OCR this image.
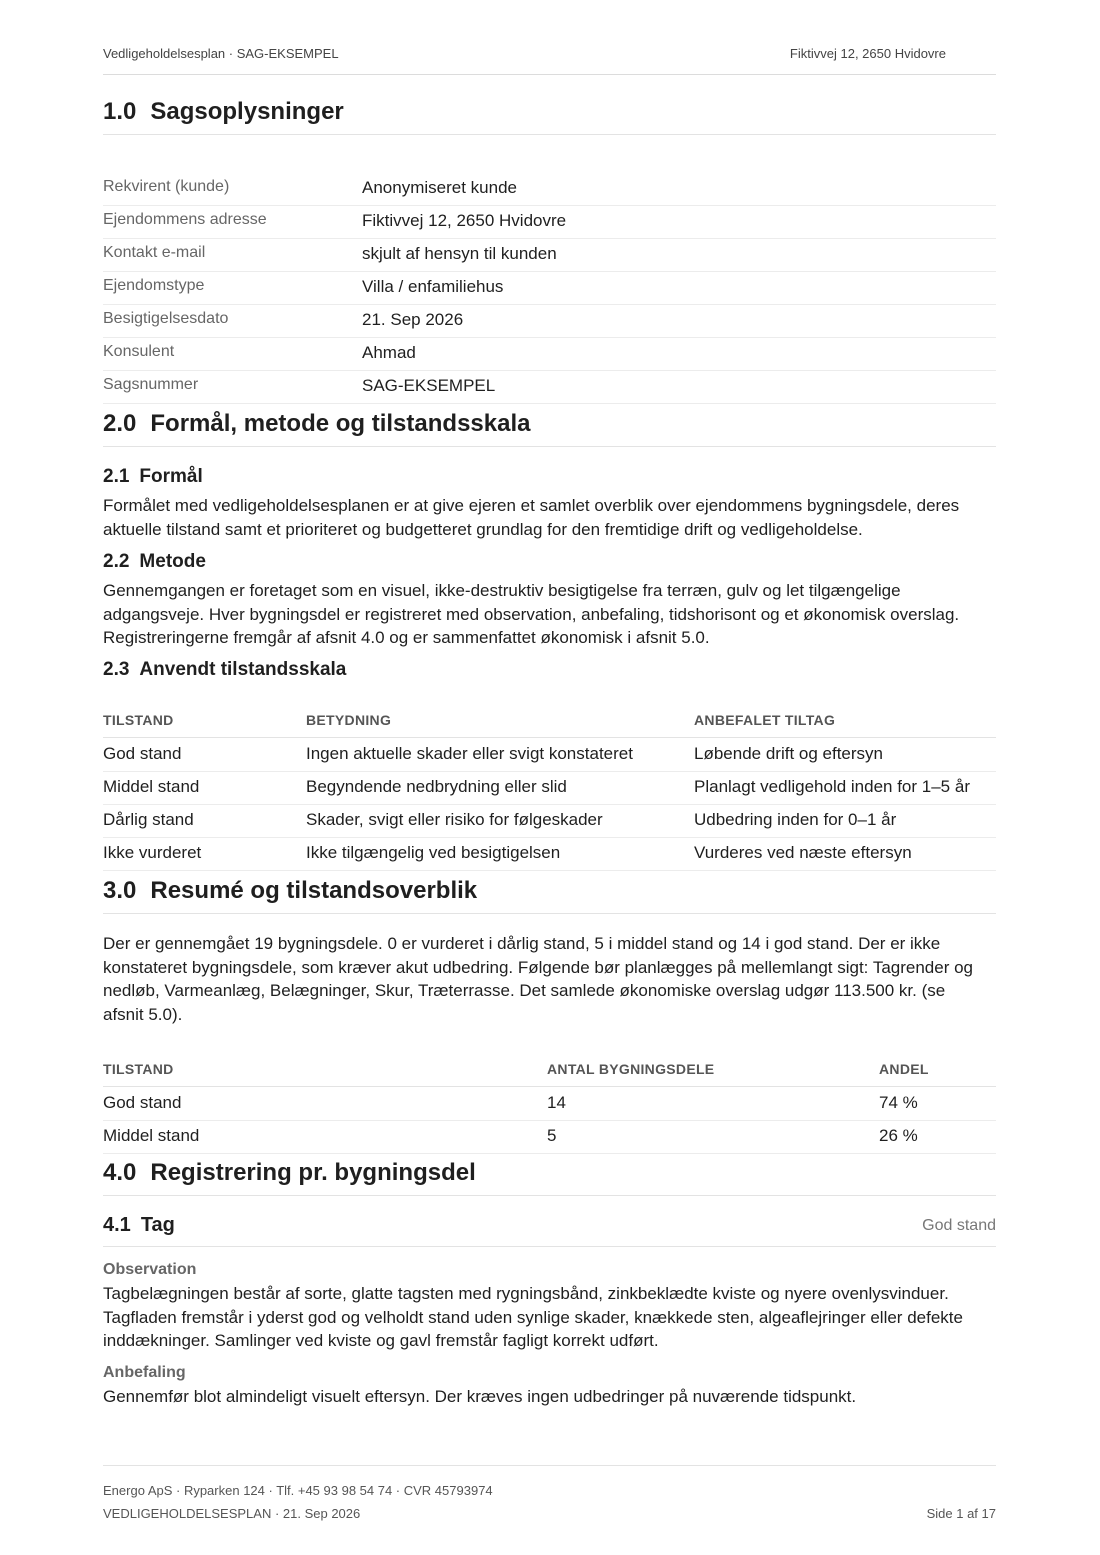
Vedligeholdelsesplan · SAG-EKSEMPEL	Fiktivvej 12, 2650 Hvidovre
1.0 Sagsoplysninger
Rekvirent (kunde)	Anonymiseret kunde
Ejendommens adresse	Fiktivvej 12, 2650 Hvidovre
Kontakt e-mail	skjult af hensyn til kunden
Ejendomstype	Villa / enfamiliehus
Besigtigelsesdato	21. Sep 2026
Konsulent	Ahmad
Sagsnummer	SAG-EKSEMPEL
2.0 Formål, metode og tilstandsskala
2.1 Formål
Formålet med vedligeholdelsesplanen er at give ejeren et samlet overblik over ejendommens bygningsdele, deres
aktuelle tilstand samt et prioriteret og budgetteret grundlag for den fremtidige drift og vedligeholdelse.
2.2 Metode
Gennemgangen er foretaget som en visuel, ikke-destruktiv besigtigelse fra terræn, gulv og let tilgængelige
adgangsveje. Hver bygningsdel er registreret med observation, anbefaling, tidshorisont og et økonomisk overslag.
Registreringerne fremgår af afsnit 4.0 og er sammenfattet økonomisk i afsnit 5.0.
2.3 Anvendt tilstandsskala
TILSTAND	BETYDNING	ANBEFALET TILTAG
God stand	Ingen aktuelle skader eller svigt konstateret	Løbende drift og eftersyn
Middel stand	Begyndende nedbrydning eller slid	Planlagt vedligehold inden for 1–5 år
Dårlig stand	Skader, svigt eller risiko for følgeskader	Udbedring inden for 0–1 år
Ikke vurderet	Ikke tilgængelig ved besigtigelsen	Vurderes ved næste eftersyn
3.0 Resumé og tilstandsoverblik
Der er gennemgået 19 bygningsdele. 0 er vurderet i dårlig stand, 5 i middel stand og 14 i god stand. Der er ikke
konstateret bygningsdele, som kræver akut udbedring. Følgende bør planlægges på mellemlangt sigt: Tagrender og
nedløb, Varmeanlæg, Belægninger, Skur, Træterrasse. Det samlede økonomiske overslag udgør 113.500 kr. (se
afsnit 5.0).
TILSTAND	ANTAL BYGNINGSDELE	ANDEL
God stand	14	74 %
Middel stand	5	26 %
4.0 Registrering pr. bygningsdel
4.1 Tag	God stand
Observation
Tagbelægningen består af sorte, glatte tagsten med rygningsbånd, zinkbeklædte kviste og nyere ovenlysvinduer.
Tagfladen fremstår i yderst god og velholdt stand uden synlige skader, knækkede sten, algeaflejringer eller defekte
inddækninger. Samlinger ved kviste og gavl fremstår fagligt korrekt udført.
Anbefaling
Gennemfør blot almindeligt visuelt eftersyn. Der kræves ingen udbedringer på nuværende tidspunkt.
Energo ApS · Ryparken 124 · Tlf. +45 93 98 54 74 · CVR 45793974
VEDLIGEHOLDELSESPLAN · 21. Sep 2026	Side 1 af 17
